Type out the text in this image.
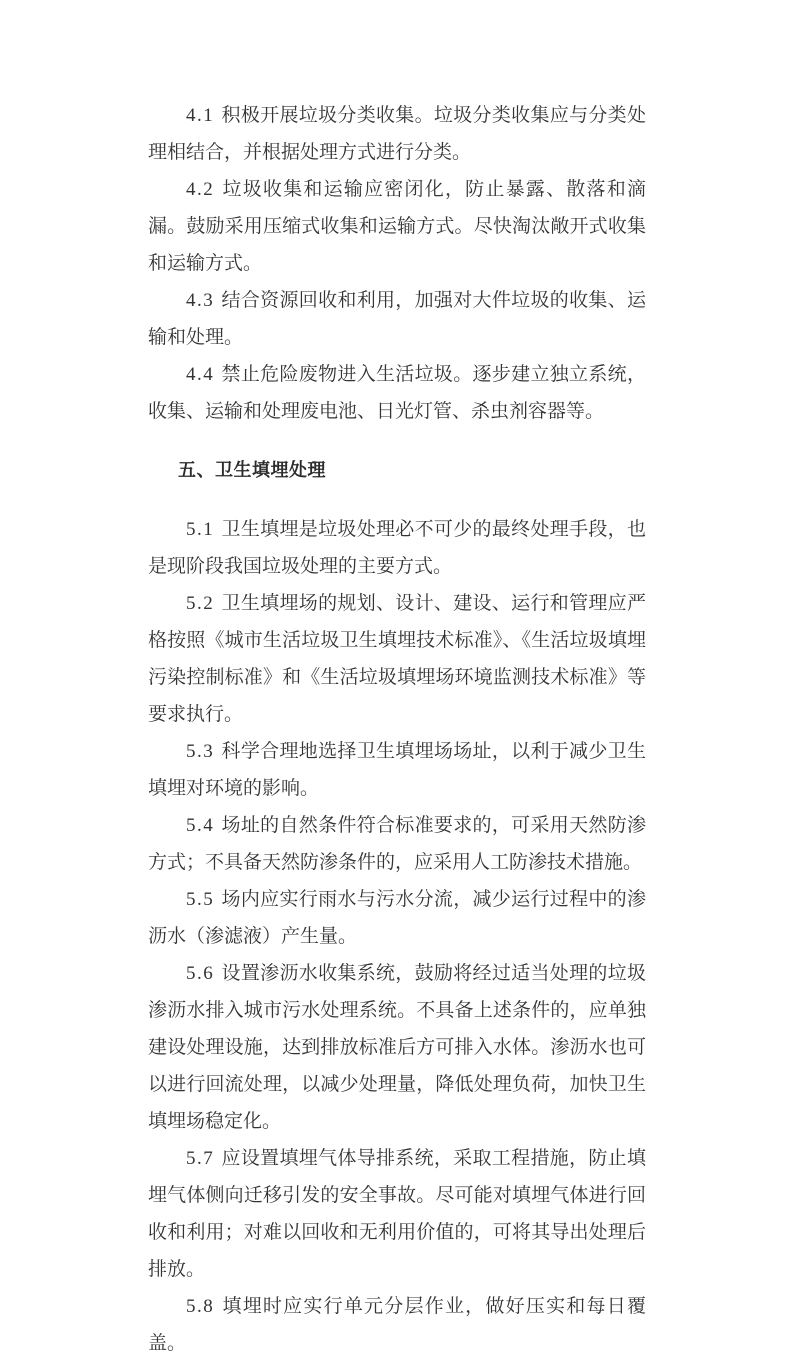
4.1 积极开展垃圾分类收集。垃圾分类收集应与分类处理相结合，并根据处理方式进行分类。

4.2 垃圾收集和运输应密闭化，防止暴露、散落和滴漏。鼓励采用压缩式收集和运输方式。尽快淘汰敞开式收集和运输方式。

4.3 结合资源回收和利用，加强对大件垃圾的收集、运输和处理。

4.4 禁止危险废物进入生活垃圾。逐步建立独立系统，收集、运输和处理废电池、日光灯管、杀虫剂容器等。

五、卫生填埋处理

5.1 卫生填埋是垃圾处理必不可少的最终处理手段，也是现阶段我国垃圾处理的主要方式。

5.2 卫生填埋场的规划、设计、建设、运行和管理应严格按照《城市生活垃圾卫生填埋技术标准》、《生活垃圾填埋污染控制标准》和《生活垃圾填埋场环境监测技术标准》等要求执行。

5.3 科学合理地选择卫生填埋场场址，以利于减少卫生填埋对环境的影响。

5.4 场址的自然条件符合标准要求的，可采用天然防渗方式；不具备天然防渗条件的，应采用人工防渗技术措施。

5.5 场内应实行雨水与污水分流，减少运行过程中的渗沥水（渗滤液）产生量。

5.6 设置渗沥水收集系统，鼓励将经过适当处理的垃圾渗沥水排入城市污水处理系统。不具备上述条件的，应单独建设处理设施，达到排放标准后方可排入水体。渗沥水也可以进行回流处理，以减少处理量，降低处理负荷，加快卫生填埋场稳定化。

5.7 应设置填埋气体导排系统，采取工程措施，防止填埋气体侧向迁移引发的安全事故。尽可能对填埋气体进行回收和利用；对难以回收和无利用价值的，可将其导出处理后排放。

5.8 填埋时应实行单元分层作业，做好压实和每日覆盖。
